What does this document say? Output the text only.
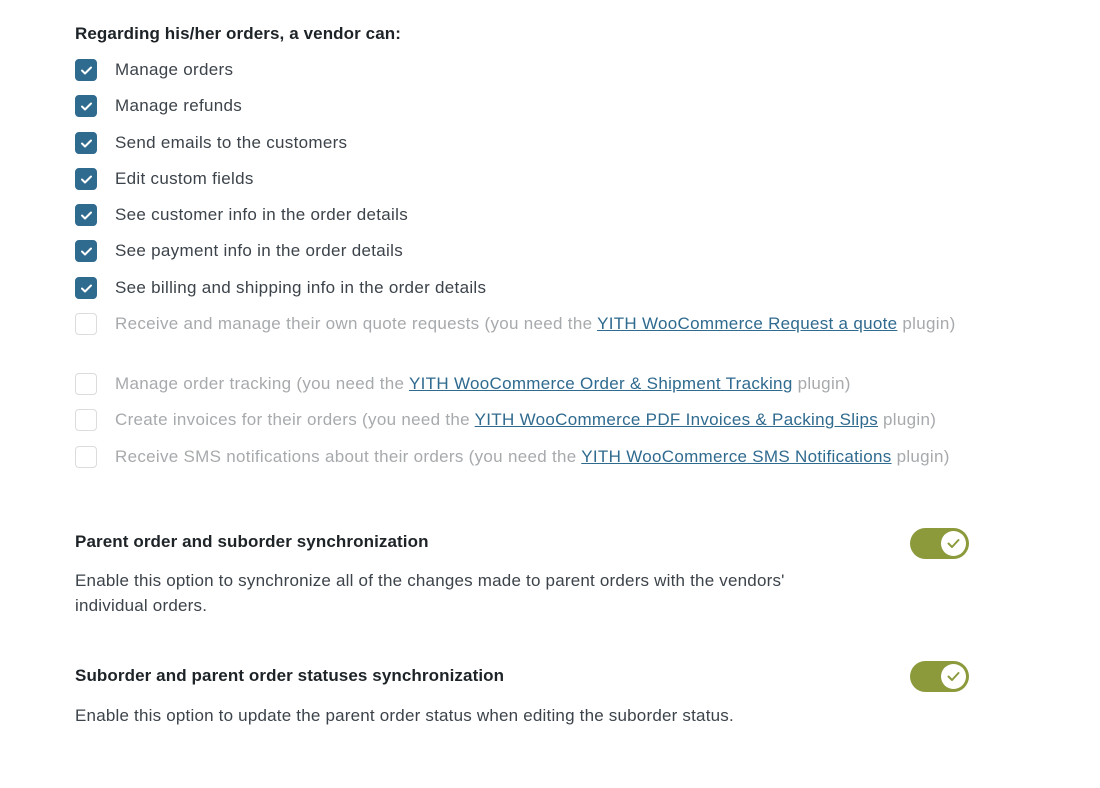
Regarding his/her orders, a vendor can:
Manage orders
Manage refunds
Send emails to the customers
Edit custom fields
See customer info in the order details
See payment info in the order details
See billing and shipping info in the order details
Receive and manage their own quote requests (you need the YITH WooCommerce Request a quote plugin)
Manage order tracking (you need the YITH WooCommerce Order & Shipment Tracking plugin)
Create invoices for their orders (you need the YITH WooCommerce PDF Invoices & Packing Slips plugin)
Receive SMS notifications about their orders (you need the YITH WooCommerce SMS Notifications plugin)
Parent order and suborder synchronization
Enable this option to synchronize all of the changes made to parent orders with the vendors' individual orders.
Suborder and parent order statuses synchronization
Enable this option to update the parent order status when editing the suborder status.
